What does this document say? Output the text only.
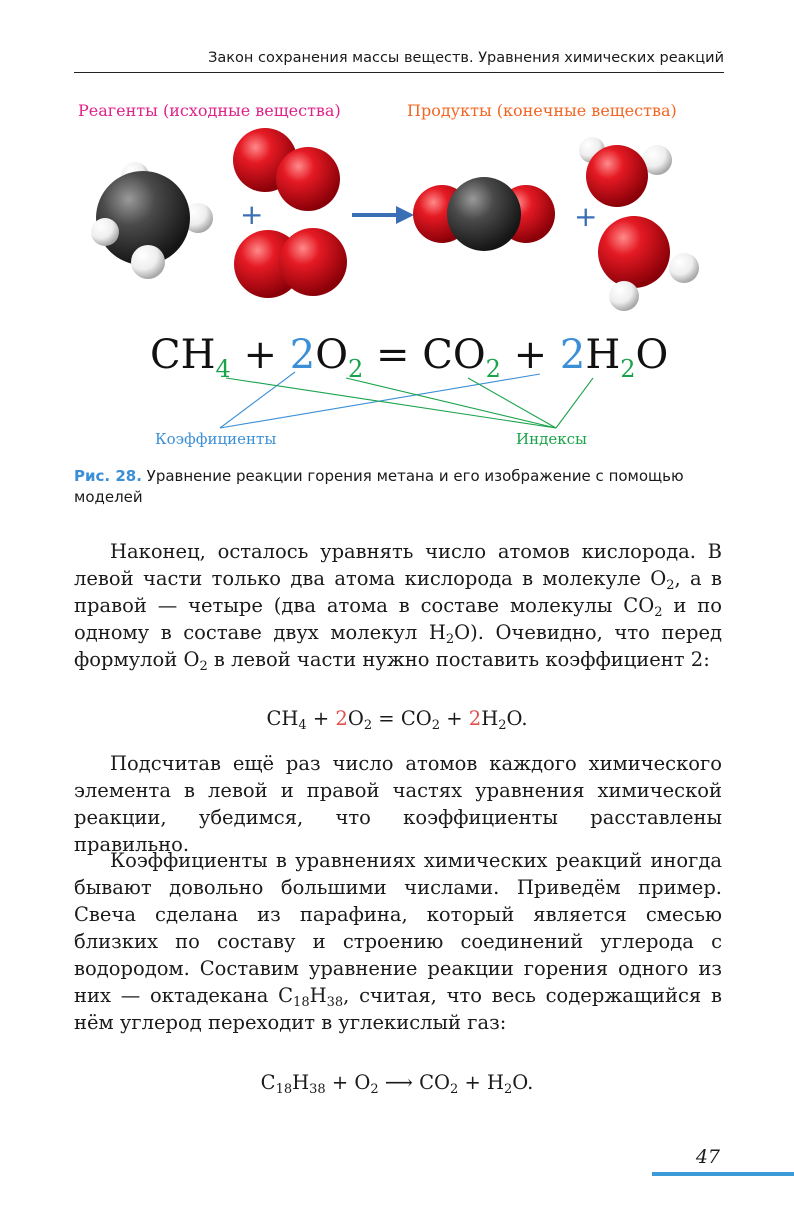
Закон сохранения массы веществ. Уравнения химических реакций
Реагенты (исходные вещества)	Продукты (конечные вещества)
+	+
$CH_4 + 2O_2 = CO_2 + 2H_2O$
Коэффициенты	Индексы
Рис. 28. Уравнение реакции горения метана и его изображение с помощью моделей

Наконец, осталось уравнять число атомов кислорода. В левой части только два атома кислорода в молекуле $O_2$, а в правой — четыре (два атома в составе молекулы $CO_2$ и по одному в составе двух молекул $H_2O$). Очевидно, что перед формулой $O_2$ в левой части нужно поставить коэффициент 2:

$CH_4 + 2O_2 = CO_2 + 2H_2O$.

Подсчитав ещё раз число атомов каждого химического элемента в левой и правой частях уравнения химической реакции, убедимся, что коэффициенты расставлены правильно.

Коэффициенты в уравнениях химических реакций иногда бывают довольно большими числами. Приведём пример. Свеча сделана из парафина, который является смесью близких по составу и строению соединений углерода с водородом. Составим уравнение реакции горения одного из них — октадекана $C_{18}H_{38}$, считая, что весь содержащийся в нём углерод переходит в углекислый газ:

$C_{18}H_{38} + O_2$ ⟶ $CO_2 + H_2O$.
47
